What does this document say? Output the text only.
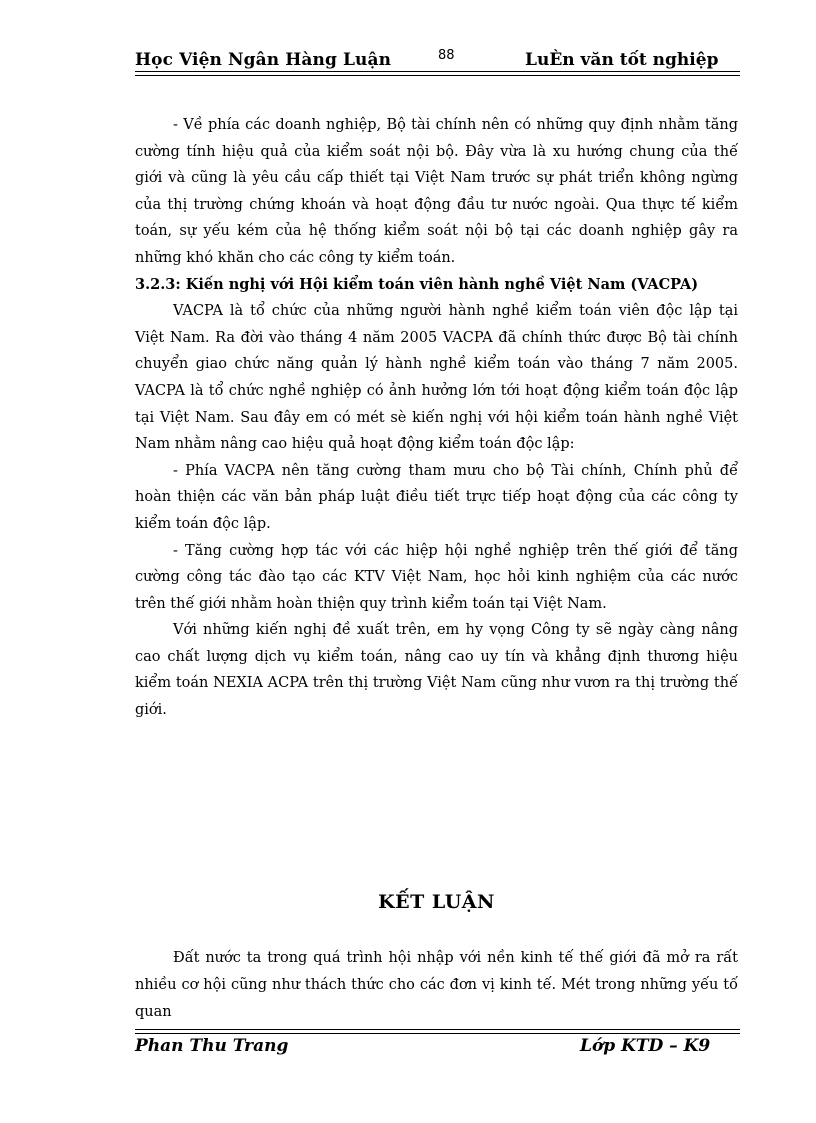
Học Viện Ngân Hàng Luận	88	LuÈn văn tốt nghiệp

- Về phía các doanh nghiệp, Bộ tài chính nên có những quy định nhằm tăng cường tính hiệu quả của kiểm soát nội bộ. Đây vừa là xu hướng chung của thế giới và cũng là yêu cầu cấp thiết tại Việt Nam trước sự phát triển không ngừng của thị trường chứng khoán và hoạt động đầu tư nước ngoài. Qua thực tế kiểm toán, sự yếu kém của hệ thống kiểm soát nội bộ tại các doanh nghiệp gây ra những khó khăn cho các công ty kiểm toán.

3.2.3: Kiến nghị với Hội kiểm toán viên hành nghề Việt Nam (VACPA)

VACPA là tổ chức của những người hành nghề kiểm toán viên độc lập tại Việt Nam. Ra đời vào tháng 4 năm 2005 VACPA đã chính thức được Bộ tài chính chuyển giao chức năng quản lý hành nghề kiểm toán vào tháng 7 năm 2005. VACPA là tổ chức nghề nghiệp có ảnh hưởng lớn tới hoạt động kiểm toán độc lập tại Việt Nam. Sau đây em có mét sè kiến nghị với hội kiểm toán hành nghề Việt Nam nhằm nâng cao hiệu quả hoạt động kiểm toán độc lập:

- Phía VACPA nên tăng cường tham mưu cho bộ Tài chính, Chính phủ để hoàn thiện các văn bản pháp luật điều tiết trực tiếp hoạt động của các công ty kiểm toán độc lập.

- Tăng cường hợp tác với các hiệp hội nghề nghiệp trên thế giới để tăng cường công tác đào tạo các KTV Việt Nam, học hỏi kinh nghiệm của các nước trên thế giới nhằm hoàn thiện quy trình kiểm toán tại Việt Nam.

Với những kiến nghị đề xuất trên, em hy vọng Công ty sẽ ngày càng nâng cao chất lượng dịch vụ kiểm toán, nâng cao uy tín và khẳng định thương hiệu kiểm toán NEXIA ACPA trên thị trường Việt Nam cũng như vươn ra thị trường thế giới.

KẾT LUẬN

Đất nước ta trong quá trình hội nhập với nền kinh tế thế giới đã mở ra rất nhiều cơ hội cũng như thách thức cho các đơn vị kinh tế. Mét trong những yếu tố quan

Phan Thu Trang	Lớp KTD – K9
